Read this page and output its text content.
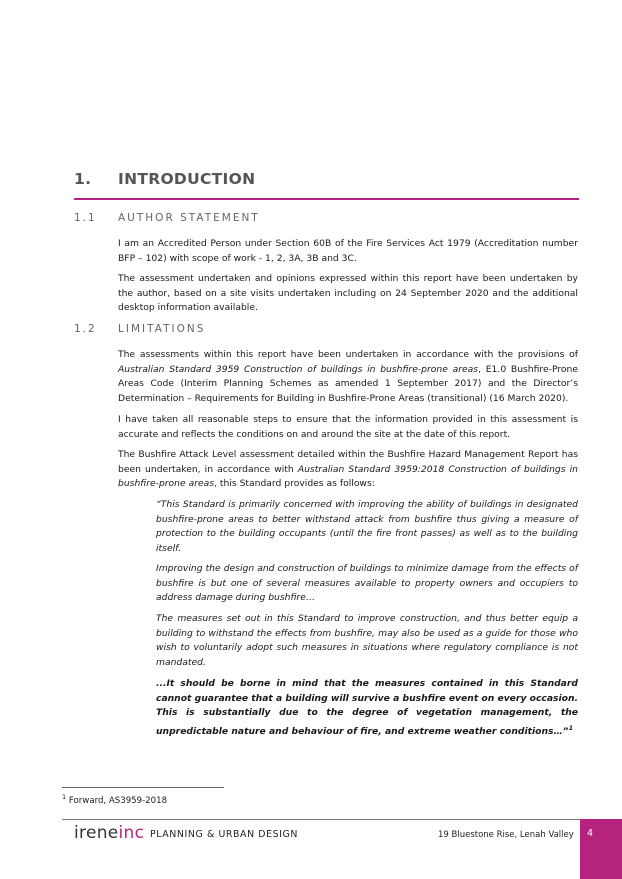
1. INTRODUCTION
1.1 AUTHOR STATEMENT

I am an Accredited Person under Section 60B of the Fire Services Act 1979 (Accreditation number BFP – 102) with scope of work - 1, 2, 3A, 3B and 3C.

The assessment undertaken and opinions expressed within this report have been undertaken by the author, based on a site visits undertaken including on 24 September 2020 and the additional desktop information available.

1.2 LIMITATIONS

The assessments within this report have been undertaken in accordance with the provisions of Australian Standard 3959 Construction of buildings in bushfire-prone areas, E1.0 Bushfire-Prone Areas Code (Interim Planning Schemes as amended 1 September 2017) and the Director’s Determination – Requirements for Building in Bushfire-Prone Areas (transitional) (16 March 2020).

I have taken all reasonable steps to ensure that the information provided in this assessment is accurate and reflects the conditions on and around the site at the date of this report.

The Bushfire Attack Level assessment detailed within the Bushfire Hazard Management Report has been undertaken, in accordance with Australian Standard 3959:2018 Construction of buildings in bushfire-prone areas, this Standard provides as follows:

“This Standard is primarily concerned with improving the ability of buildings in designated bushfire-prone areas to better withstand attack from bushfire thus giving a measure of protection to the building occupants (until the fire front passes) as well as to the building itself.

Improving the design and construction of buildings to minimize damage from the effects of bushfire is but one of several measures available to property owners and occupiers to address damage during bushfire…

The measures set out in this Standard to improve construction, and thus better equip a building to withstand the effects from bushfire, may also be used as a guide for those who wish to voluntarily adopt such measures in situations where regulatory compliance is not mandated.

...It should be borne in mind that the measures contained in this Standard cannot guarantee that a building will survive a bushfire event on every occasion. This is substantially due to the degree of vegetation management, the unpredictable nature and behaviour of fire, and extreme weather conditions…”$^1$

$^1$ Forward, AS3959-2018
ireneinc PLANNING & URBAN DESIGN	19 Bluestone Rise, Lenah Valley 4
